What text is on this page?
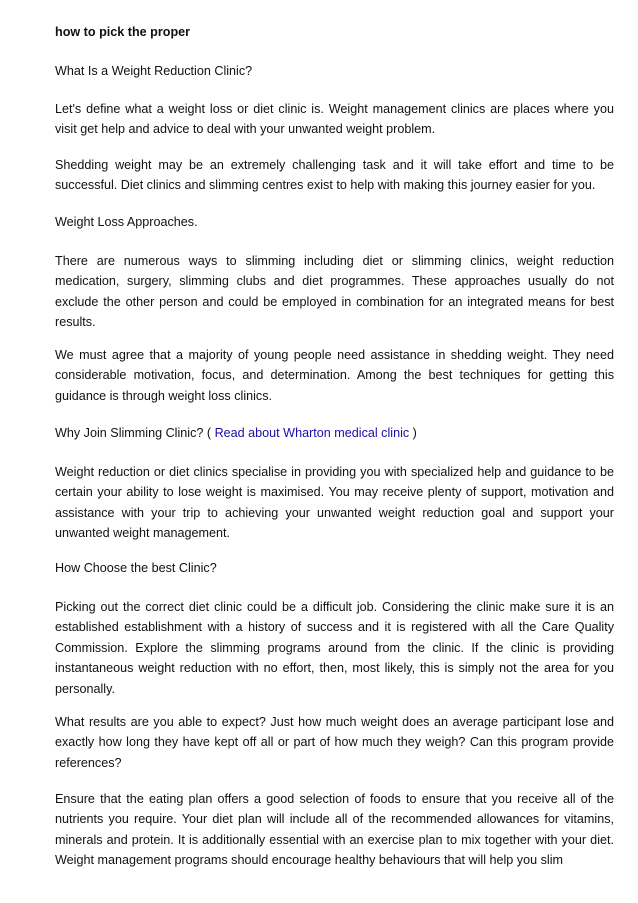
how to pick the proper

What Is a Weight Reduction Clinic?

Let's define what a weight loss or diet clinic is. Weight management clinics are places where you visit get help and advice to deal with your unwanted weight problem.

Shedding weight may be an extremely challenging task and it will take effort and time to be successful. Diet clinics and slimming centres exist to help with making this journey easier for you.

Weight Loss Approaches.

There are numerous ways to slimming including diet or slimming clinics, weight reduction medication, surgery, slimming clubs and diet programmes. These approaches usually do not exclude the other person and could be employed in combination for an integrated means for best results.

We must agree that a majority of young people need assistance in shedding weight. They need considerable motivation, focus, and determination. Among the best techniques for getting this guidance is through weight loss clinics.

Why Join Slimming Clinic? ( Read about Wharton medical clinic )

Weight reduction or diet clinics specialise in providing you with specialized help and guidance to be certain your ability to lose weight is maximised. You may receive plenty of support, motivation and assistance with your trip to achieving your unwanted weight reduction goal and support your unwanted weight management.

How Choose the best Clinic?

Picking out the correct diet clinic could be a difficult job. Considering the clinic make sure it is an established establishment with a history of success and it is registered with all the Care Quality Commission. Explore the slimming programs around from the clinic. If the clinic is providing instantaneous weight reduction with no effort, then, most likely, this is simply not the area for you personally.

What results are you able to expect? Just how much weight does an average participant lose and exactly how long they have kept off all or part of how much they weigh? Can this program provide references?

Ensure that the eating plan offers a good selection of foods to ensure that you receive all of the nutrients you require. Your diet plan will include all of the recommended allowances for vitamins, minerals and protein. It is additionally essential with an exercise plan to mix together with your diet. Weight management programs should encourage healthy behaviours that will help you slim
